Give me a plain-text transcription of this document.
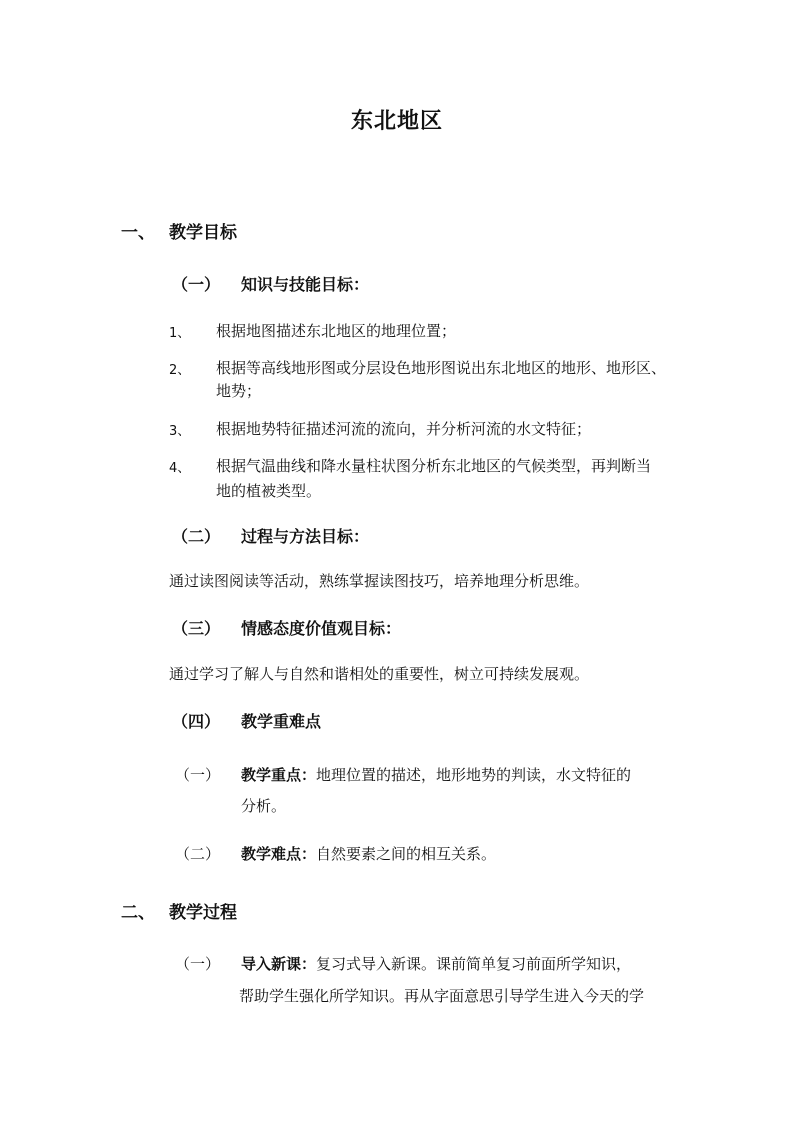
东北地区
一、 教学目标
（一） 知识与技能目标：
1、 根据地图描述东北地区的地理位置；
2、 根据等高线地形图或分层设色地形图说出东北地区的地形、地形区、
地势；
3、 根据地势特征描述河流的流向，并分析河流的水文特征；
4、 根据气温曲线和降水量柱状图分析东北地区的气候类型，再判断当
地的植被类型。
（二） 过程与方法目标：
通过读图阅读等活动，熟练掌握读图技巧，培养地理分析思维。
（三） 情感态度价值观目标：
通过学习了解人与自然和谐相处的重要性，树立可持续发展观。
（四） 教学重难点
（一） 教学重点：地理位置的描述，地形地势的判读，水文特征的
分析。
（二） 教学难点：自然要素之间的相互关系。
二、 教学过程
（一） 导入新课：复习式导入新课。课前简单复习前面所学知识，
帮助学生强化所学知识。再从字面意思引导学生进入今天的学
